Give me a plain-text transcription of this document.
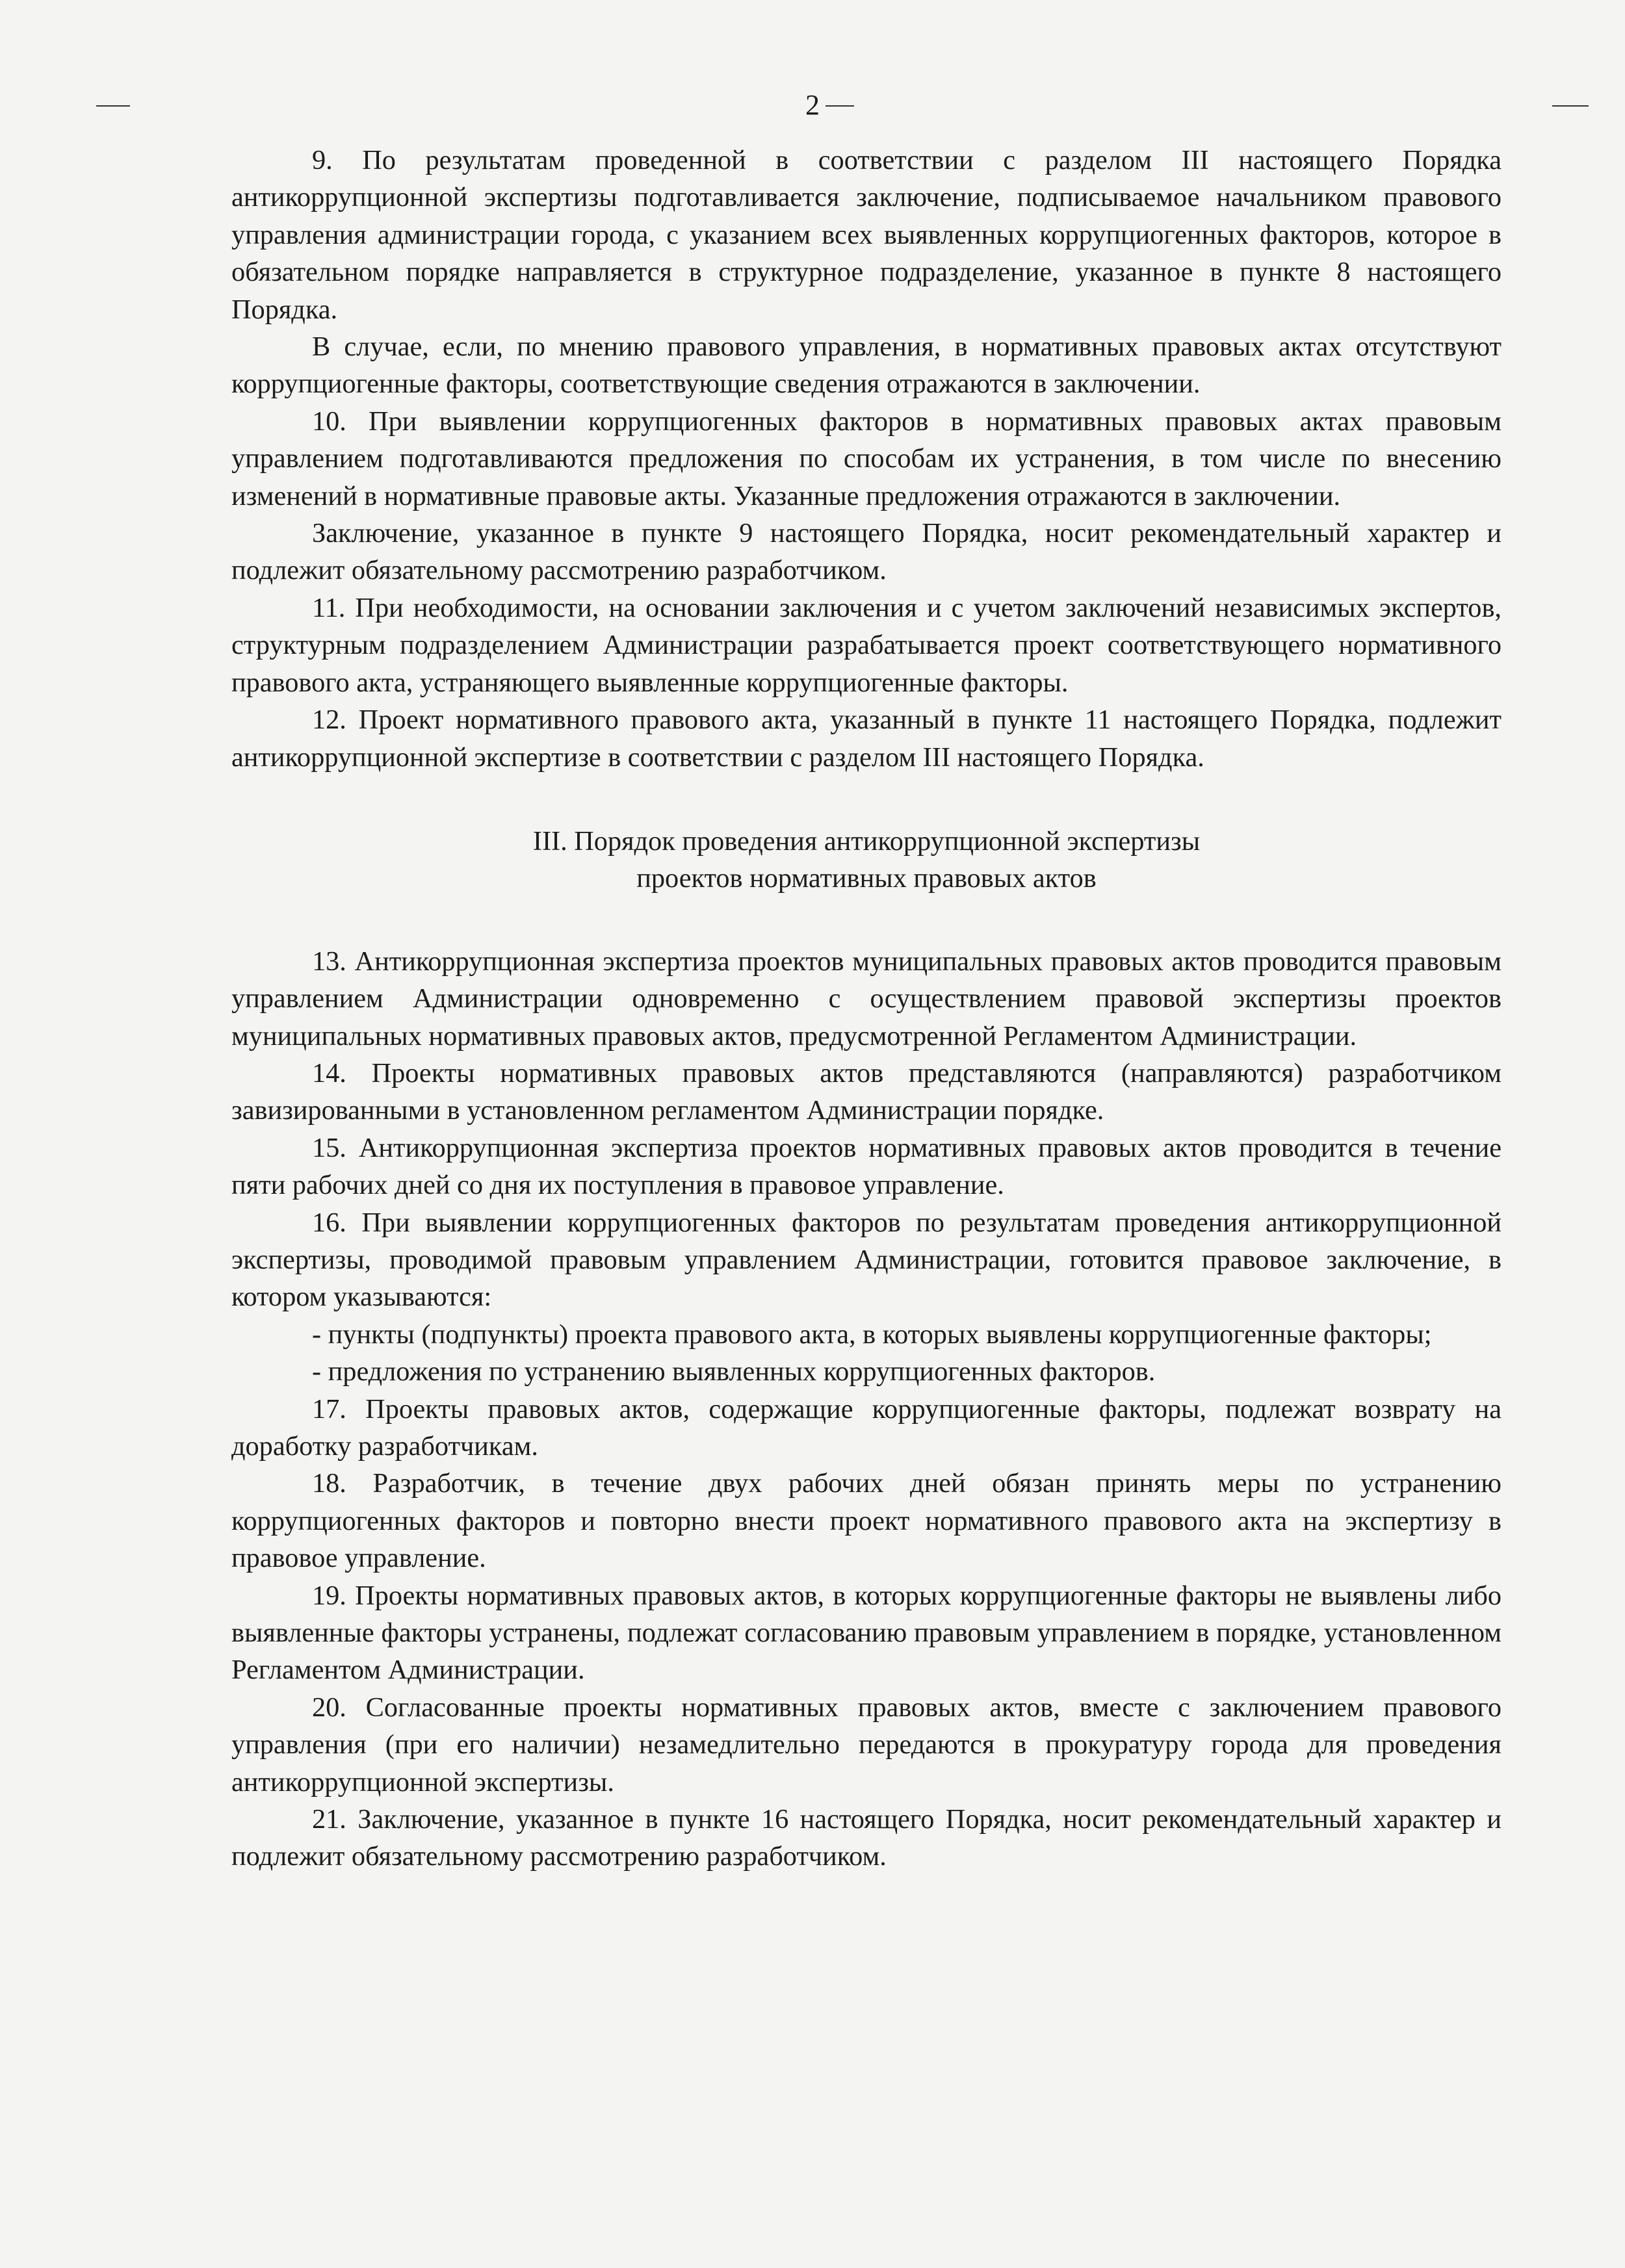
2

9. По результатам проведенной в соответствии с разделом III настоящего Порядка антикоррупционной экспертизы подготавливается заключение, подписываемое начальником правового управления администрации города, с указанием всех выявленных коррупциогенных факторов, которое в обязательном порядке направляется в структурное подразделение, указанное в пункте 8 настоящего Порядка.

В случае, если, по мнению правового управления, в нормативных правовых актах отсутствуют коррупциогенные факторы, соответствующие сведения отражаются в заключении.

10. При выявлении коррупциогенных факторов в нормативных правовых актах правовым управлением подготавливаются предложения по способам их устранения, в том числе по внесению изменений в нормативные правовые акты. Указанные предложения отражаются в заключении.

Заключение, указанное в пункте 9 настоящего Порядка, носит рекомендательный характер и подлежит обязательному рассмотрению разработчиком.

11. При необходимости, на основании заключения и с учетом заключений независимых экспертов, структурным подразделением Администрации разрабатывается проект соответствующего нормативного правового акта, устраняющего выявленные коррупциогенные факторы.

12. Проект нормативного правового акта, указанный в пункте 11 настоящего Порядка, подлежит антикоррупционной экспертизе в соответствии с разделом III настоящего Порядка.

III. Порядок проведения антикоррупционной экспертизы
проектов нормативных правовых актов

13. Антикоррупционная экспертиза проектов муниципальных правовых актов проводится правовым управлением Администрации одновременно с осуществлением правовой экспертизы проектов муниципальных нормативных правовых актов, предусмотренной Регламентом Администрации.

14. Проекты нормативных правовых актов представляются (направляются) разработчиком завизированными в установленном регламентом Администрации порядке.

15. Антикоррупционная экспертиза проектов нормативных правовых актов проводится в течение пяти рабочих дней со дня их поступления в правовое управление.

16. При выявлении коррупциогенных факторов по результатам проведения антикоррупционной экспертизы, проводимой правовым управлением Администрации, готовится правовое заключение, в котором указываются:

- пункты (подпункты) проекта правового акта, в которых выявлены коррупциогенные факторы;

- предложения по устранению выявленных коррупциогенных факторов.

17. Проекты правовых актов, содержащие коррупциогенные факторы, подлежат возврату на доработку разработчикам.

18. Разработчик, в течение двух рабочих дней обязан принять меры по устранению коррупциогенных факторов и повторно внести проект нормативного правового акта на экспертизу в правовое управление.

19. Проекты нормативных правовых актов, в которых коррупциогенные факторы не выявлены либо выявленные факторы устранены, подлежат согласованию правовым управлением в порядке, установленном Регламентом Администрации.

20. Согласованные проекты нормативных правовых актов, вместе с заключением правового управления (при его наличии) незамедлительно передаются в прокуратуру города для проведения антикоррупционной экспертизы.

21. Заключение, указанное в пункте 16 настоящего Порядка, носит рекомендательный характер и подлежит обязательному рассмотрению разработчиком.
